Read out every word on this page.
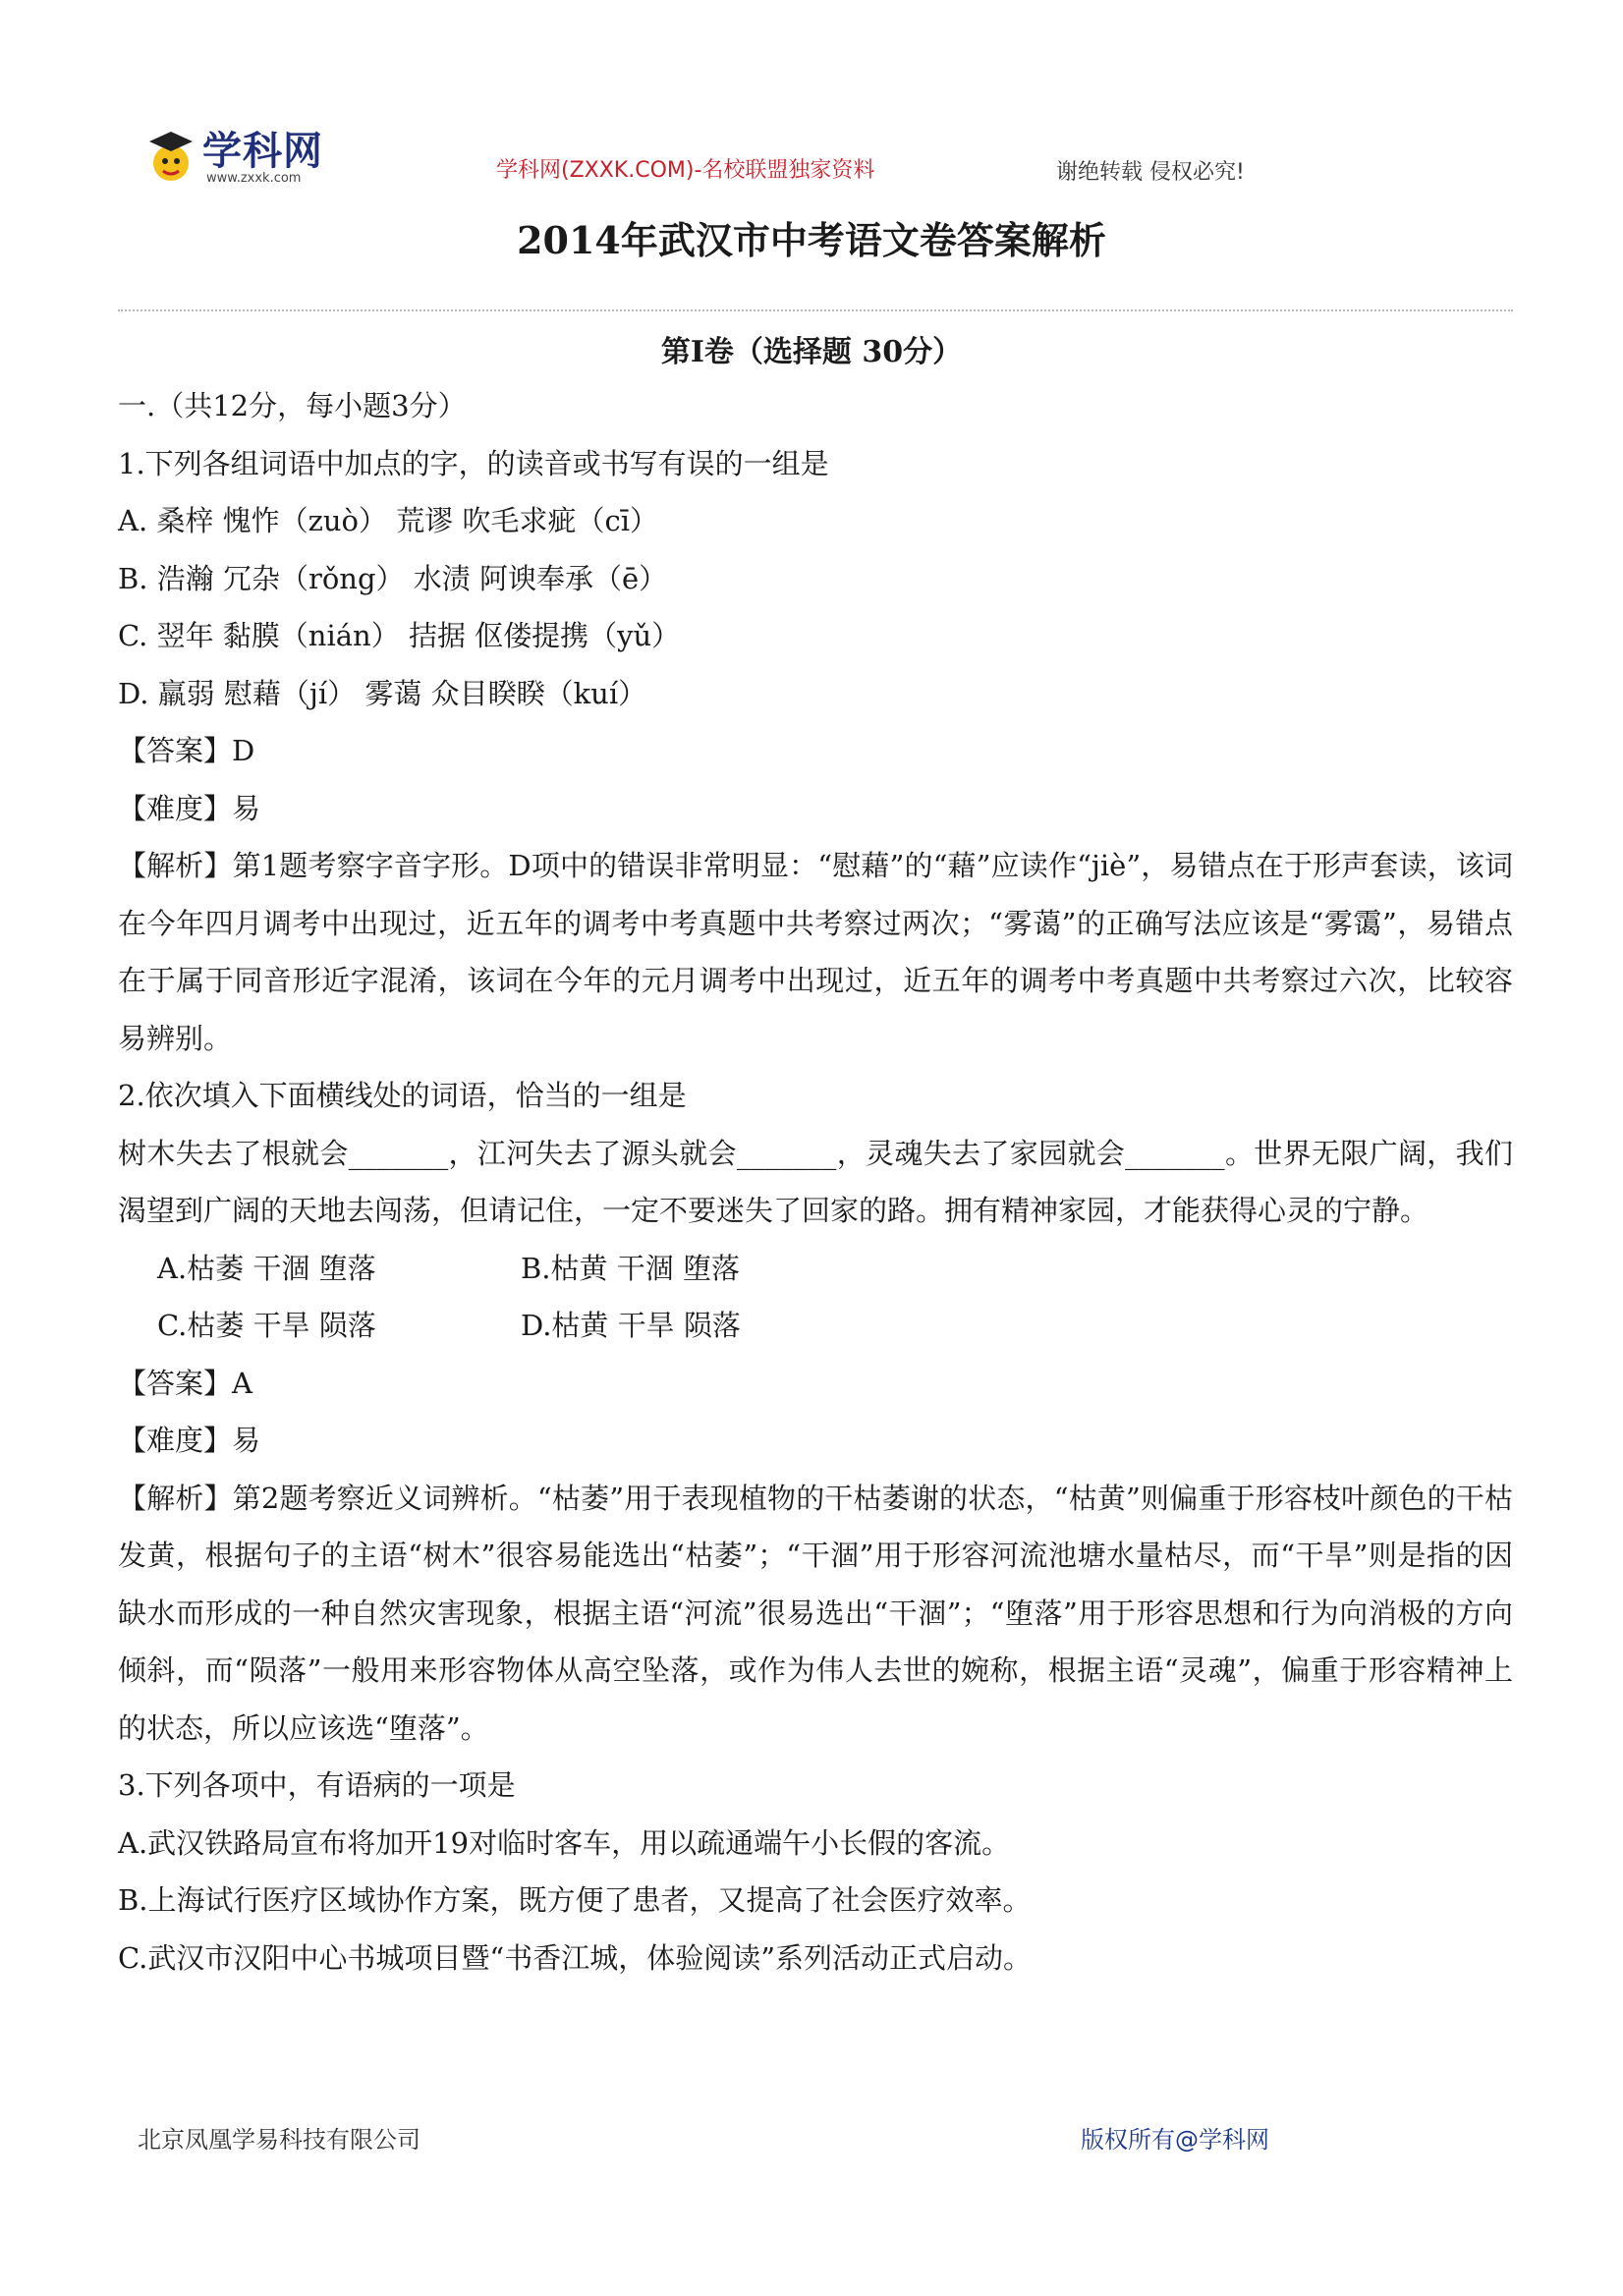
学科网
www.zxxk.com	学科网(ZXXK.COM)-名校联盟独家资料	谢绝转载 侵权必究!
2014年武汉市中考语文卷答案解析
第Ⅰ卷（选择题 30分）
一.（共12分，每小题3分）
1.下列各组词语中加点的字，的读音或书写有误的一组是
A. 桑梓 愧怍（zuò） 荒谬 吹毛求疵（cī）
B. 浩瀚 冗杂（rǒng） 水渍 阿谀奉承（ē）
C. 翌年 黏膜（nián） 拮据 伛偻提携（yǔ）
D. 羸弱 慰藉（jí） 雾蔼 众目睽睽（kuí）
【答案】D
【难度】易
【解析】第1题考察字音字形。D项中的错误非常明显：“慰藉”的“藉”应读作“jiè”，易错点在于形声套读，该词在今年四月调考中出现过，近五年的调考中考真题中共考察过两次；“雾蔼”的正确写法应该是“雾霭”，易错点在于属于同音形近字混淆，该词在今年的元月调考中出现过，近五年的调考中考真题中共考察过六次，比较容易辨别。
2.依次填入下面横线处的词语，恰当的一组是
树木失去了根就会_______，江河失去了源头就会_______，灵魂失去了家园就会_______。世界无限广阔，我们渴望到广阔的天地去闯荡，但请记住，一定不要迷失了回家的路。拥有精神家园，才能获得心灵的宁静。
A.枯萎 干涸 堕落	B.枯黄 干涸 堕落
C.枯萎 干旱 陨落	D.枯黄 干旱 陨落
【答案】A
【难度】易
【解析】第2题考察近义词辨析。“枯萎”用于表现植物的干枯萎谢的状态，“枯黄”则偏重于形容枝叶颜色的干枯发黄，根据句子的主语“树木”很容易能选出“枯萎”；“干涸”用于形容河流池塘水量枯尽，而“干旱”则是指的因缺水而形成的一种自然灾害现象，根据主语“河流”很易选出“干涸”；“堕落”用于形容思想和行为向消极的方向倾斜，而“陨落”一般用来形容物体从高空坠落，或作为伟人去世的婉称，根据主语“灵魂”，偏重于形容精神上的状态，所以应该选“堕落”。
3.下列各项中，有语病的一项是
A.武汉铁路局宣布将加开19对临时客车，用以疏通端午小长假的客流。
B.上海试行医疗区域协作方案，既方便了患者，又提高了社会医疗效率。
C.武汉市汉阳中心书城项目暨“书香江城，体验阅读”系列活动正式启动。
北京凤凰学易科技有限公司	版权所有@学科网
